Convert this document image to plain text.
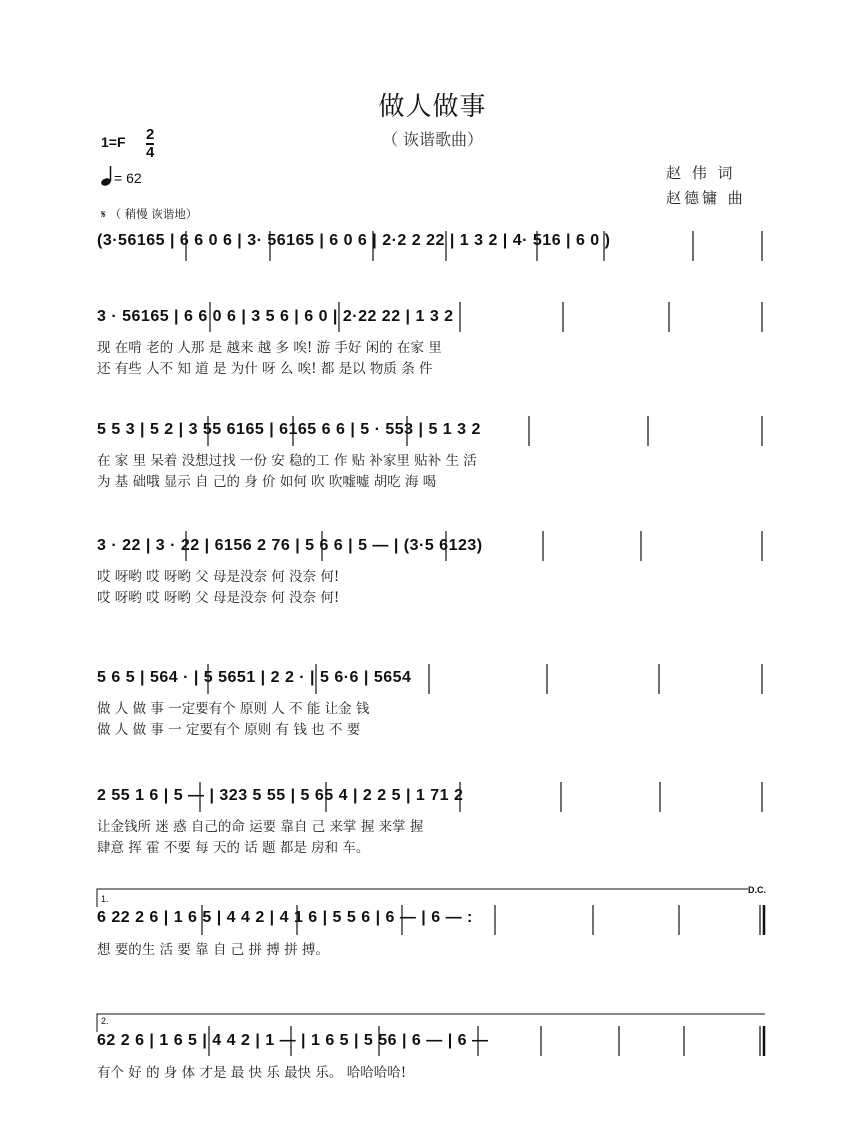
做人做事
（ 诙谐歌曲）
1=F 2
4
= 62	赵 伟 词
赵德镛 曲
𝄋 （ 稍慢 诙谐地）
(3·56165 | 6 6 0 6 | 3· 56165 | 6 0 6 | 2·2 2 22 | 1 3 2 | 4· 516 | 6 0 )
3 · 56165 | 6 6 0 6 | 3 5 6 | 6 0 | 2·22 22 | 1 3 2
现 在啃 老的 人那 是 越来 越 多 唉! 游 手好 闲的 在家 里
还 有些 人不 知 道 是 为什 呀 么 唉! 都 是以 物质 条 件
5 5 3 | 5 2 | 3 55 6165 | 6165 6 6 | 5 · 553 | 5 1 3 2
在 家 里 呆着 没想过找 一份 安 稳的工 作 贴 补家里 贴补 生 活
为 基 础哦 显示 自 己的 身 价 如何 吹 吹嘘嘘 胡吃 海 喝
3 · 22 | 3 · 22 | 6156 2 76 | 5 6 6 | 5 — | (3·5 6123)
哎 呀哟 哎 呀哟 父 母是没奈 何 没奈 何!
哎 呀哟 哎 呀哟 父 母是没奈 何 没奈 何!
5 6 5 | 564 · | 5 5651 | 2 2 · | 5 6·6 | 5654
做 人 做 事 一定要有个 原则 人 不 能 让金 钱
做 人 做 事 一 定要有个 原则 有 钱 也 不 要
2 55 1 6 | 5 — | 323 5 55 | 5 65 4 | 2 2 5 | 1 71 2
让金钱所 迷 惑 自己的命 运要 靠自 己 来掌 握 来掌 握
肆意 挥 霍 不要 每 天的 话 题 都是 房和 车。
1.
D.C.
6 22 2 6 | 1 6 5 | 4 4 2 | 4 1 6 | 5 5 6 | 6 — | 6 — :
想 要的生 活 要 靠 自 己 拼 搏 拼 搏。
2.
62 2 6 | 1 6 5 | 4 4 2 | 1 — | 1 6 5 | 5 56 | 6 — | 6 —
有个 好 的 身 体 才是 最 快 乐 最快 乐。 哈哈哈哈!
